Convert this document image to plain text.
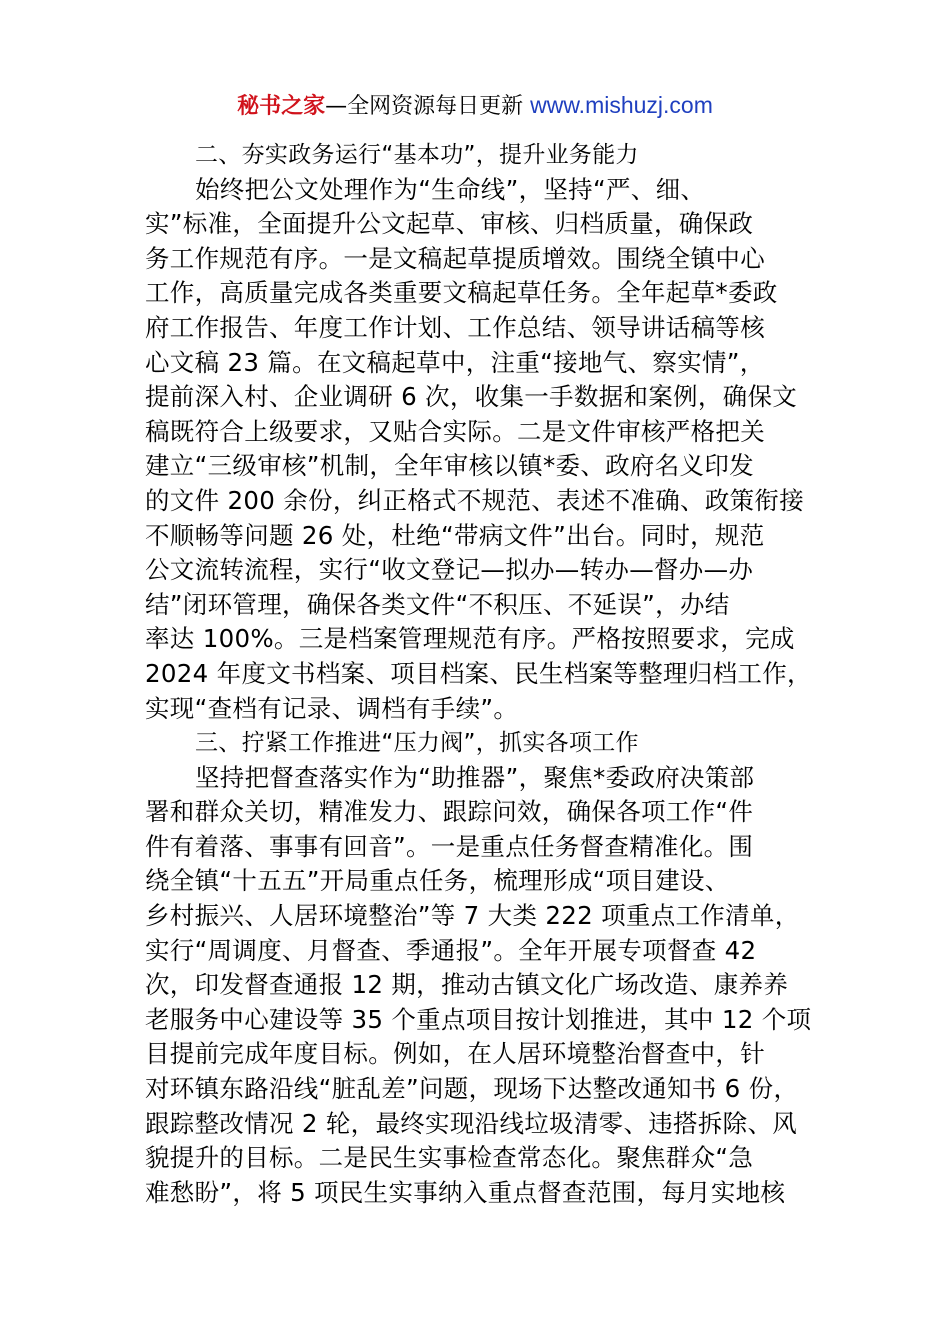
秘书之家—全网资源每日更新 www.mishuzj.com
二、夯实政务运行“基本功”，提升业务能力
始终把公文处理作为“生命线”，坚持“严、细、
实”标准，全面提升公文起草、审核、归档质量，确保政
务工作规范有序。一是文稿起草提质增效。围绕全镇中心
工作，高质量完成各类重要文稿起草任务。全年起草*委政
府工作报告、年度工作计划、工作总结、领导讲话稿等核
心文稿 23 篇。在文稿起草中，注重“接地气、察实情”，
提前深入村、企业调研 6 次，收集一手数据和案例，确保文
稿既符合上级要求，又贴合实际。二是文件审核严格把关
建立“三级审核”机制，全年审核以镇*委、政府名义印发
的文件 200 余份，纠正格式不规范、表述不准确、政策衔接
不顺畅等问题 26 处，杜绝“带病文件”出台。同时，规范
公文流转流程，实行“收文登记—拟办—转办—督办—办
结”闭环管理，确保各类文件“不积压、不延误”，办结
率达 100%。三是档案管理规范有序。严格按照要求，完成
2024 年度文书档案、项目档案、民生档案等整理归档工作，
实现“查档有记录、调档有手续”。
三、拧紧工作推进“压力阀”，抓实各项工作
坚持把督查落实作为“助推器”，聚焦*委政府决策部
署和群众关切，精准发力、跟踪问效，确保各项工作“件
件有着落、事事有回音”。一是重点任务督查精准化。围
绕全镇“十五五”开局重点任务，梳理形成“项目建设、
乡村振兴、人居环境整治”等 7 大类 222 项重点工作清单，
实行“周调度、月督查、季通报”。全年开展专项督查 42
次，印发督查通报 12 期，推动古镇文化广场改造、康养养
老服务中心建设等 35 个重点项目按计划推进，其中 12 个项
目提前完成年度目标。例如，在人居环境整治督查中，针
对环镇东路沿线“脏乱差”问题，现场下达整改通知书 6 份，
跟踪整改情况 2 轮，最终实现沿线垃圾清零、违搭拆除、风
貌提升的目标。二是民生实事检查常态化。聚焦群众“急
难愁盼”，将 5 项民生实事纳入重点督查范围，每月实地核
